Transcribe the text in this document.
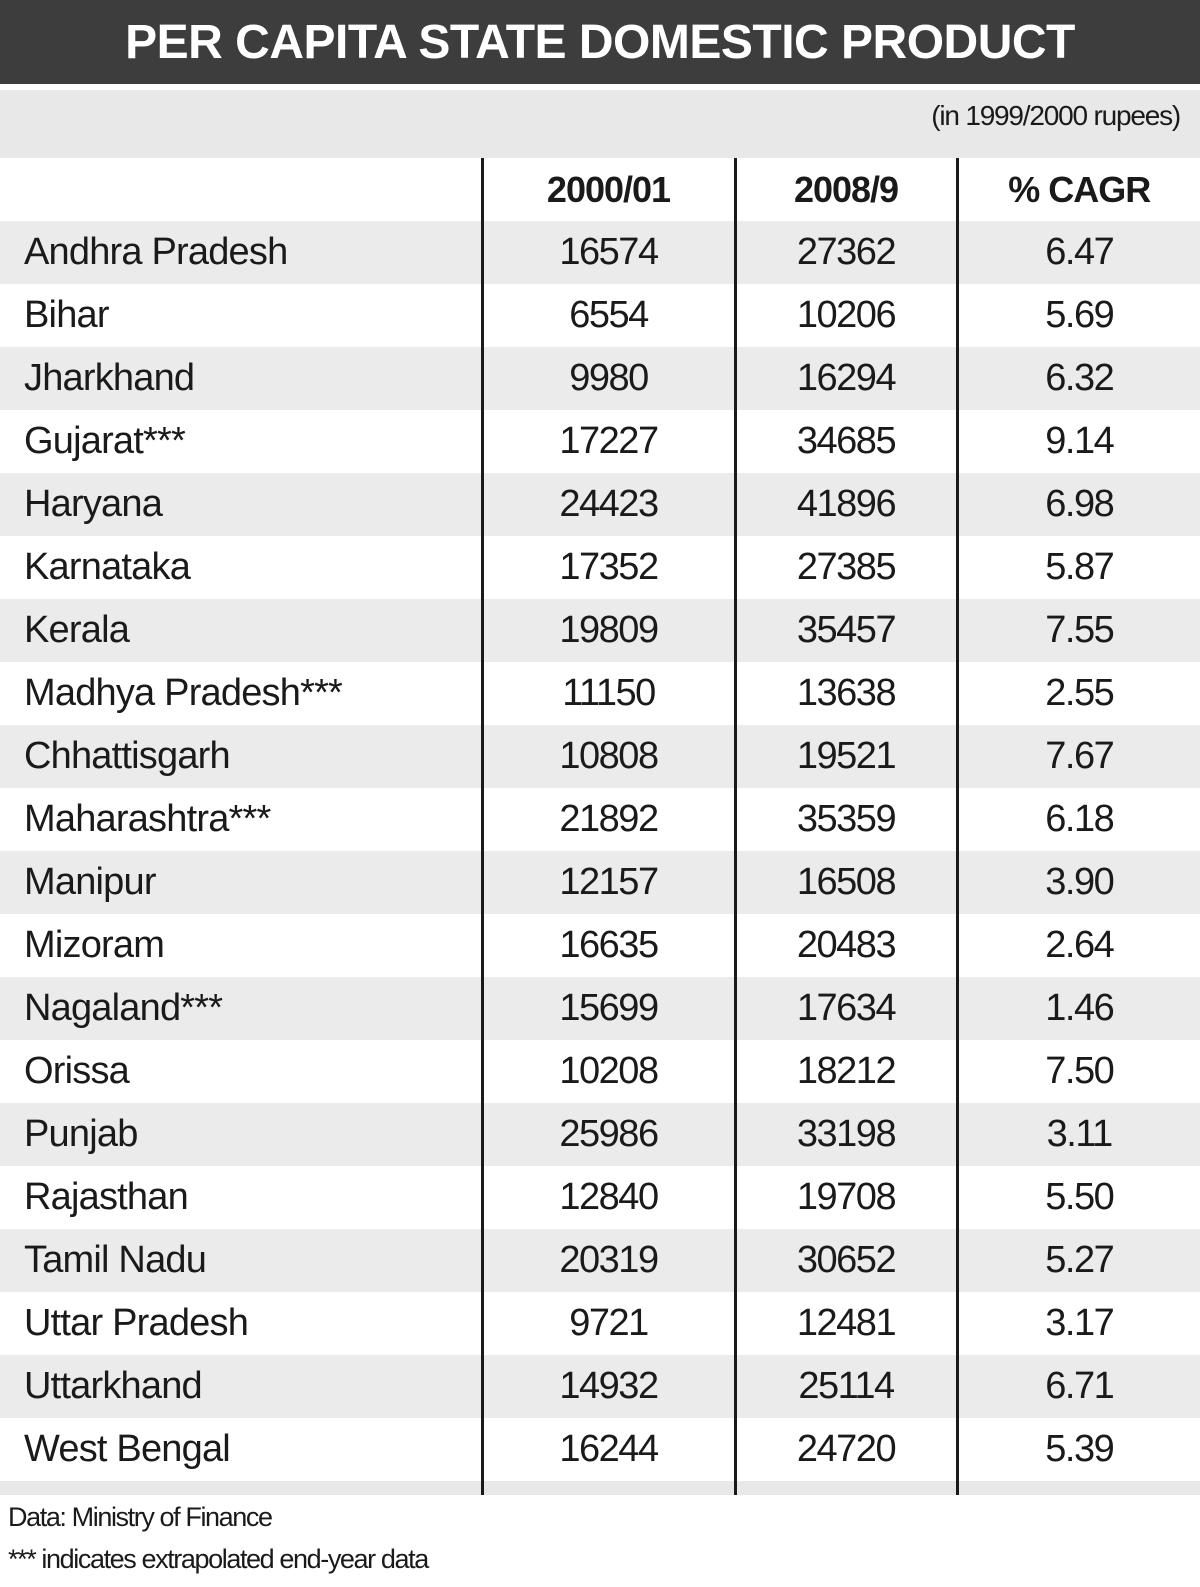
PER CAPITA STATE DOMESTIC PRODUCT
(in 1999/2000 rupees)
	2000/01	2008/9	% CAGR
Andhra Pradesh	16574	27362	6.47
Bihar	6554	10206	5.69
Jharkhand	9980	16294	6.32
Gujarat***	17227	34685	9.14
Haryana	24423	41896	6.98
Karnataka	17352	27385	5.87
Kerala	19809	35457	7.55
Madhya Pradesh***	11150	13638	2.55
Chhattisgarh	10808	19521	7.67
Maharashtra***	21892	35359	6.18
Manipur	12157	16508	3.90
Mizoram	16635	20483	2.64
Nagaland***	15699	17634	1.46
Orissa	10208	18212	7.50
Punjab	25986	33198	3.11
Rajasthan	12840	19708	5.50
Tamil Nadu	20319	30652	5.27
Uttar Pradesh	9721	12481	3.17
Uttarkhand	14932	25114	6.71
West Bengal	16244	24720	5.39

Data: Ministry of Finance
*** indicates extrapolated end-year data
